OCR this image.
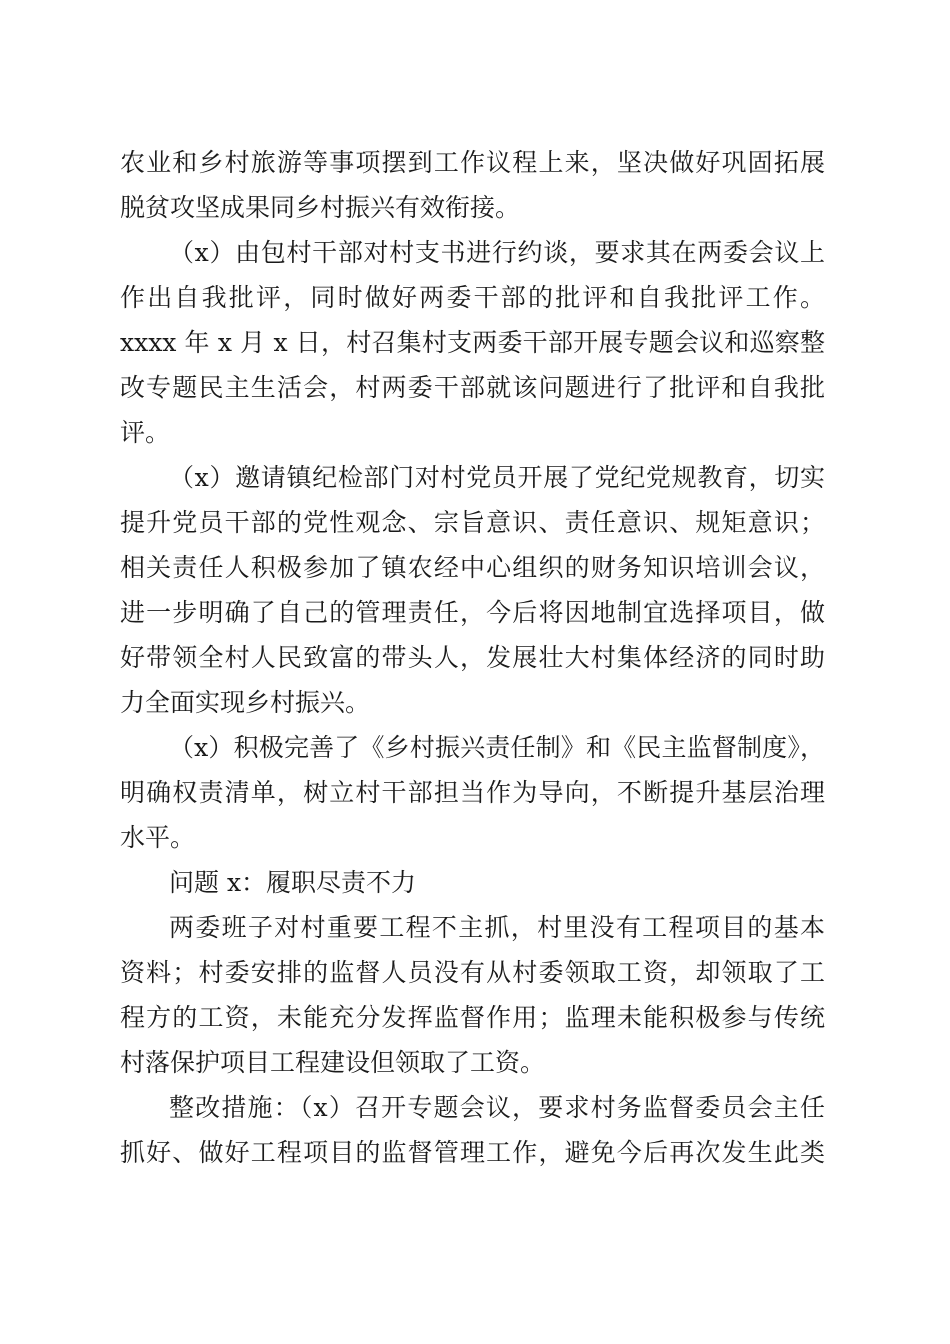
农业和乡村旅游等事项摆到工作议程上来，坚决做好巩固拓展
脱贫攻坚成果同乡村振兴有效衔接。
（x）由包村干部对村支书进行约谈，要求其在两委会议上
作出自我批评，同时做好两委干部的批评和自我批评工作。
xxxx 年 x 月 x 日，村召集村支两委干部开展专题会议和巡察整
改专题民主生活会，村两委干部就该问题进行了批评和自我批
评。
（x）邀请镇纪检部门对村党员开展了党纪党规教育，切实
提升党员干部的党性观念、宗旨意识、责任意识、规矩意识；
相关责任人积极参加了镇农经中心组织的财务知识培训会议，
进一步明确了自己的管理责任，今后将因地制宜选择项目，做
好带领全村人民致富的带头人，发展壮大村集体经济的同时助
力全面实现乡村振兴。
（x）积极完善了《乡村振兴责任制》和《民主监督制度》，
明确权责清单，树立村干部担当作为导向，不断提升基层治理
水平。
问题 x：履职尽责不力
两委班子对村重要工程不主抓，村里没有工程项目的基本
资料；村委安排的监督人员没有从村委领取工资，却领取了工
程方的工资，未能充分发挥监督作用；监理未能积极参与传统
村落保护项目工程建设但领取了工资。
整改措施：（x）召开专题会议，要求村务监督委员会主任
抓好、做好工程项目的监督管理工作，避免今后再次发生此类
